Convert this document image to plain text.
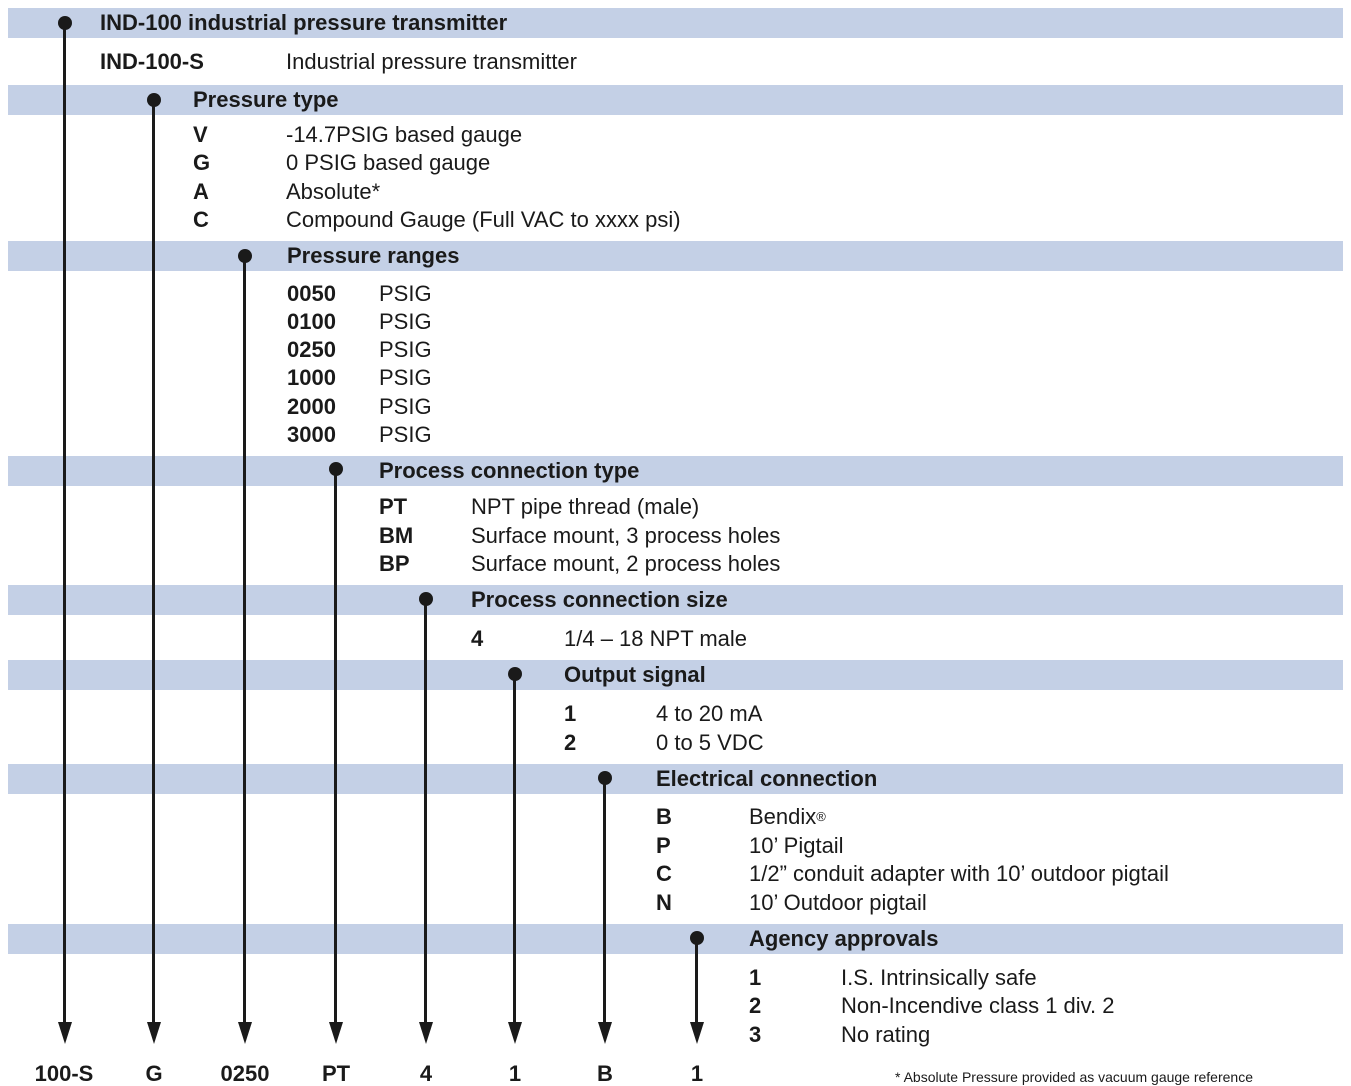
IND-100 industrial pressure transmitter
IND-100-S	Industrial pressure transmitter
Pressure type
V	-14.7PSIG based gauge
G	0 PSIG based gauge
A	Absolute*
C	Compound Gauge (Full VAC to xxxx psi)
Pressure ranges
0050 PSIG
0100 PSIG
0250 PSIG
1000 PSIG
2000 PSIG
3000 PSIG
Process connection type
PT	NPT pipe thread (male)
BM	Surface mount, 3 process holes
BP	Surface mount, 2 process holes
Process connection size
4	1/4 – 18 NPT male
Output signal
1	4 to 20 mA
2	0 to 5 VDC
Electrical connection
B	Bendix®
P	10’ Pigtail
C	1/2” conduit adapter with 10’ outdoor pigtail
N	10’ Outdoor pigtail
Agency approvals
1	I.S. Intrinsically safe
2	Non-Incendive class 1 div. 2
3	No rating
100-S	G	0250	PT	4	1	B	1	* Absolute Pressure provided as vacuum gauge reference
